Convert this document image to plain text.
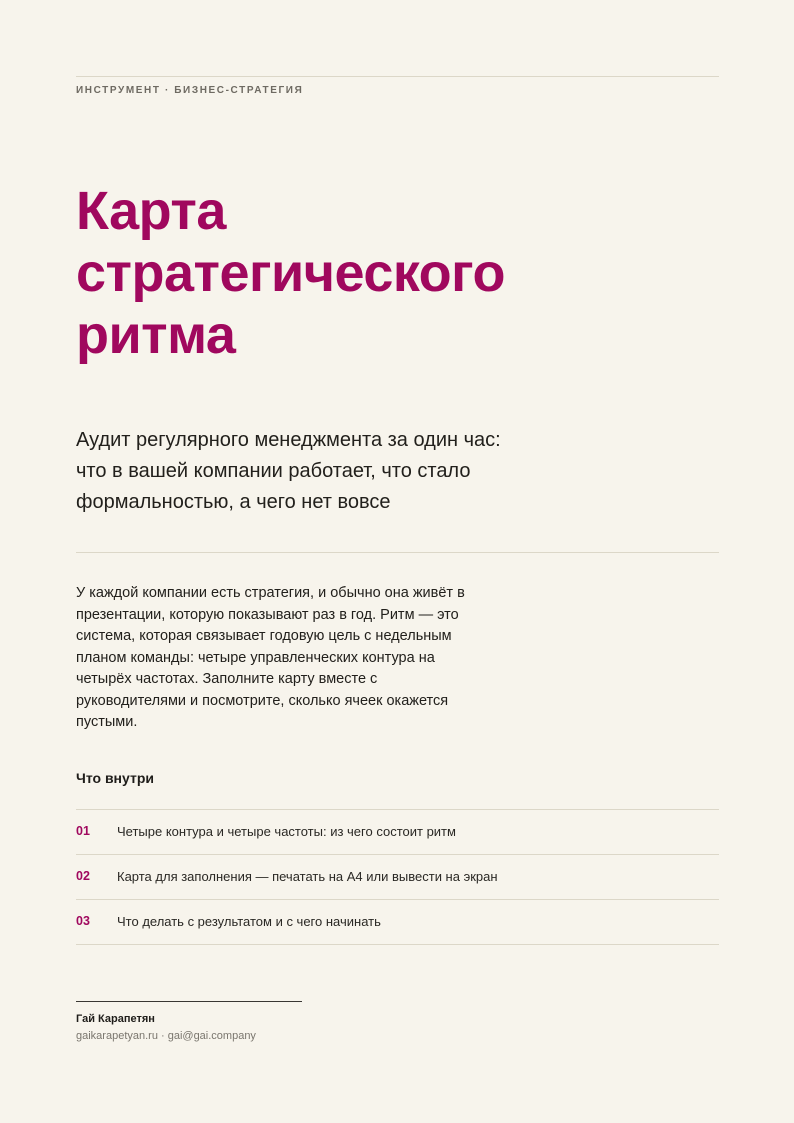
ИНСТРУМЕНТ · БИЗНЕС-СТРАТЕГИЯ
Карта
стратегического
ритма
Аудит регулярного менеджмента за один час:
что в вашей компании работает, что стало
формальностью, а чего нет вовсе
У каждой компании есть стратегия, и обычно она живёт в
презентации, которую показывают раз в год. Ритм — это
система, которая связывает годовую цель с недельным
планом команды: четыре управленческих контура на
четырёх частотах. Заполните карту вместе с
руководителями и посмотрите, сколько ячеек окажется
пустыми.
Что внутри
01	Четыре контура и четыре частоты: из чего состоит ритм
02	Карта для заполнения — печатать на А4 или вывести на экран
03	Что делать с результатом и с чего начинать
Гай Карапетян
gaikarapetyan.ru · gai@gai.company
